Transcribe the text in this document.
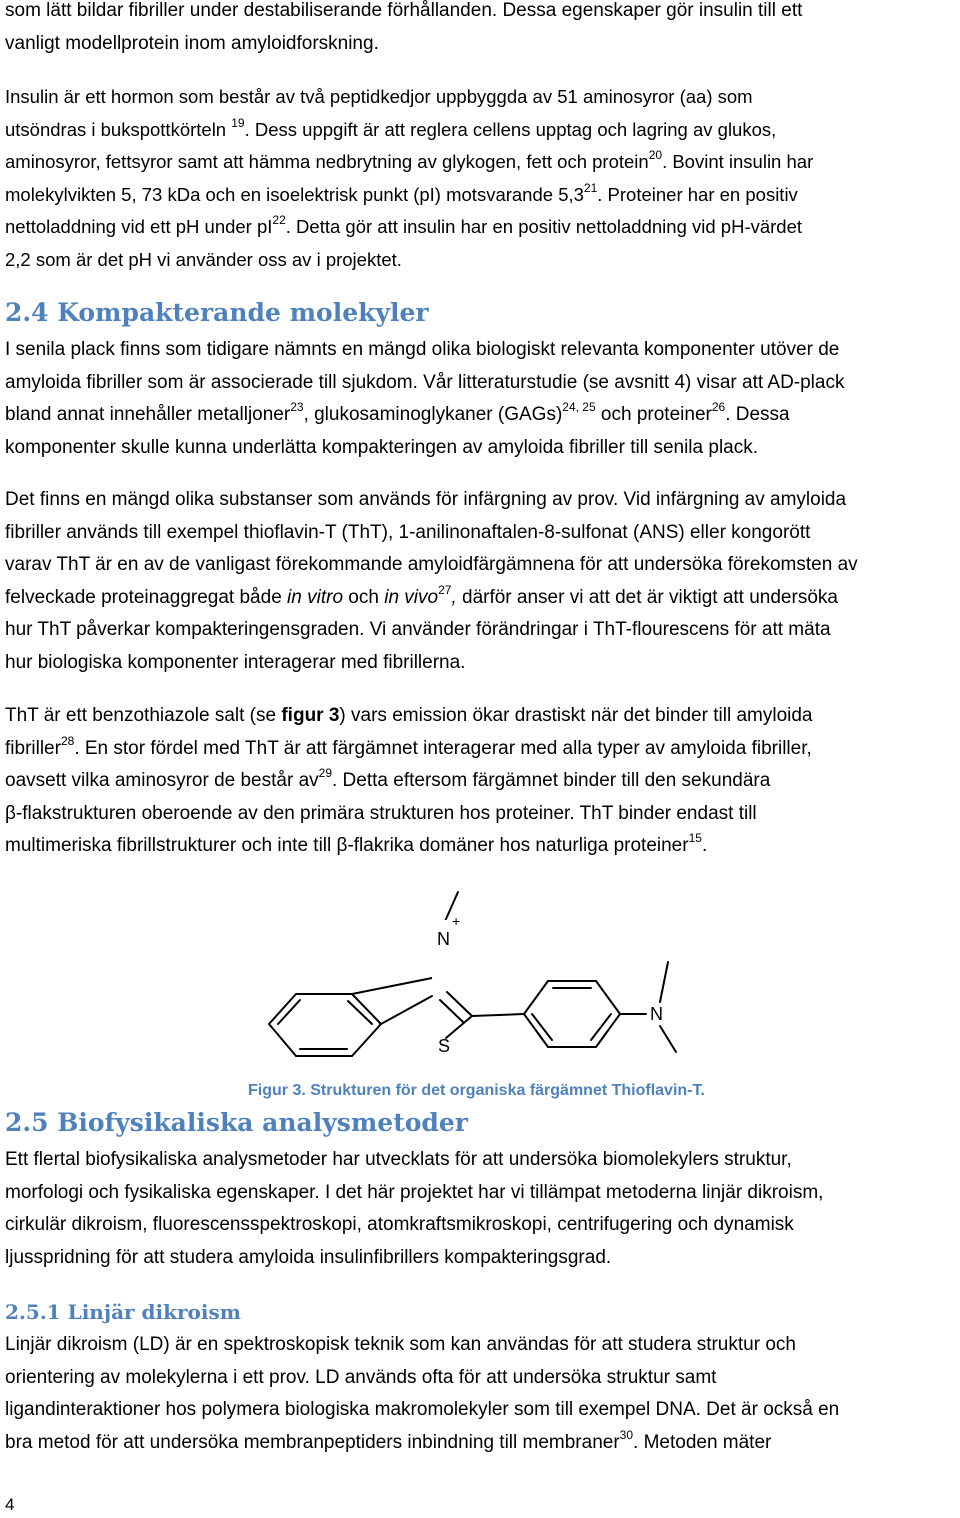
som lätt bildar fibriller under destabiliserande förhållanden. Dessa egenskaper gör insulin till ett
vanligt modellprotein inom amyloidforskning.
Insulin är ett hormon som består av två peptidkedjor uppbyggda av 51 aminosyror (aa) som
utsöndras i bukspottkörteln $^{19}$. Dess uppgift är att reglera cellens upptag och lagring av glukos,
aminosyror, fettsyror samt att hämma nedbrytning av glykogen, fett och protein$^{20}$. Bovint insulin har
molekylvikten 5, 73 kDa och en isoelektrisk punkt (pI) motsvarande $5,3^{21}$. Proteiner har en positiv
nettoladdning vid ett pH under $pI^{22}$. Detta gör att insulin har en positiv nettoladdning vid pH-värdet
2,2 som är det pH vi använder oss av i projektet.
2.4 Kompakterande molekyler
I senila plack finns som tidigare nämnts en mängd olika biologiskt relevanta komponenter utöver de
amyloida fibriller som är associerade till sjukdom. Vår litteraturstudie (se avsnitt 4) visar att AD-plack
bland annat innehåller metalljoner$^{23}$, glukosaminoglykaner (GAGs)$^{24, 25}$ och proteiner$^{26}$. Dessa
komponenter skulle kunna underlätta kompakteringen av amyloida fibriller till senila plack.
Det finns en mängd olika substanser som används för infärgning av prov. Vid infärgning av amyloida
fibriller används till exempel thioflavin-T (ThT), 1-anilinonaftalen-8-sulfonat (ANS) eller kongorött
varav ThT är en av de vanligast förekommande amyloidfärgämnena för att undersöka förekomsten av
felveckade proteinaggregat både in vitro och in vivo$^{27}$, därför anser vi att det är viktigt att undersöka
hur ThT påverkar kompakteringensgraden. Vi använder förändringar i ThT-flourescens för att mäta
hur biologiska komponenter interagerar med fibrillerna.
ThT är ett benzothiazole salt (se figur 3) vars emission ökar drastiskt när det binder till amyloida
fibriller$^{28}$. En stor fördel med ThT är att färgämnet interagerar med alla typer av amyloida fibriller,
oavsett vilka aminosyror de består $av^{29}$. Detta eftersom färgämnet binder till den sekundära
β-flakstrukturen oberoende av den primära strukturen hos proteiner. ThT binder endast till
multimeriska fibrillstrukturer och inte till β-flakrika domäner hos naturliga proteiner$^{15}$.
N
+
S
N
Figur 3. Strukturen för det organiska färgämnet Thioflavin-T.
2.5 Biofysikaliska analysmetoder
Ett flertal biofysikaliska analysmetoder har utvecklats för att undersöka biomolekylers struktur,
morfologi och fysikaliska egenskaper. I det här projektet har vi tillämpat metoderna linjär dikroism,
cirkulär dikroism, fluorescensspektroskopi, atomkraftsmikroskopi, centrifugering och dynamisk
ljusspridning för att studera amyloida insulinfibrillers kompakteringsgrad.
2.5.1 Linjär dikroism
Linjär dikroism (LD) är en spektroskopisk teknik som kan användas för att studera struktur och
orientering av molekylerna i ett prov. LD används ofta för att undersöka struktur samt
ligandinteraktioner hos polymera biologiska makromolekyler som till exempel DNA. Det är också en
bra metod för att undersöka membranpeptiders inbindning till membraner$^{30}$. Metoden mäter
4
